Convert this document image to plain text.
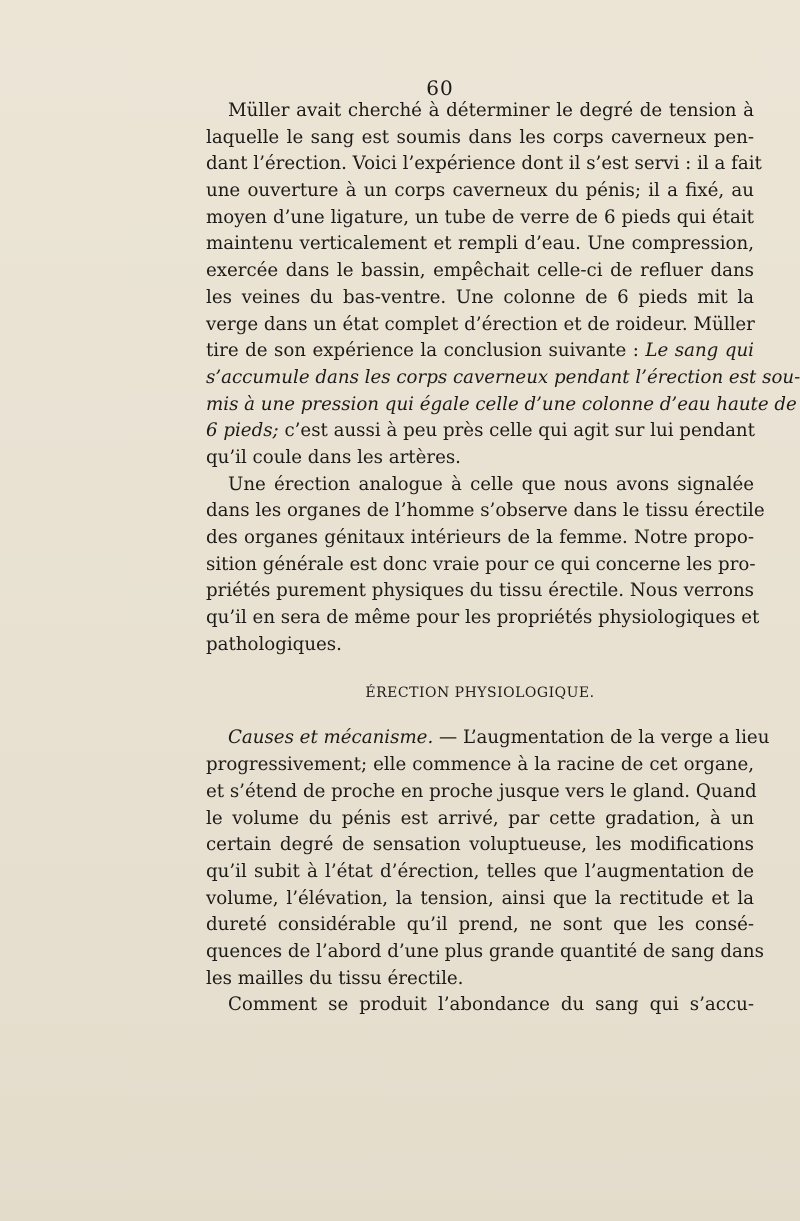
60
Müller avait cherché à déterminer le degré de tension à
laquelle le sang est soumis dans les corps caverneux pen-
dant l’érection. Voici l’expérience dont il s’est servi : il a fait
une ouverture à un corps caverneux du pénis; il a fixé, au
moyen d’une ligature, un tube de verre de 6 pieds qui était
maintenu verticalement et rempli d’eau. Une compression,
exercée dans le bassin, empêchait celle-ci de refluer dans
les veines du bas-ventre. Une colonne de 6 pieds mit la
verge dans un état complet d’érection et de roideur. Müller
tire de son expérience la conclusion suivante : Le sang qui
s’accumule dans les corps caverneux pendant l’érection est sou-
mis à une pression qui égale celle d’une colonne d’eau haute de
6 pieds; c’est aussi à peu près celle qui agit sur lui pendant
qu’il coule dans les artères.
Une érection analogue à celle que nous avons signalée
dans les organes de l’homme s’observe dans le tissu érectile
des organes génitaux intérieurs de la femme. Notre propo-
sition générale est donc vraie pour ce qui concerne les pro-
priétés purement physiques du tissu érectile. Nous verrons
qu’il en sera de même pour les propriétés physiologiques et
pathologiques.
ÉRECTION PHYSIOLOGIQUE.
Causes et mécanisme. — L’augmentation de la verge a lieu
progressivement; elle commence à la racine de cet organe,
et s’étend de proche en proche jusque vers le gland. Quand
le volume du pénis est arrivé, par cette gradation, à un
certain degré de sensation voluptueuse, les modifications
qu’il subit à l’état d’érection, telles que l’augmentation de
volume, l’élévation, la tension, ainsi que la rectitude et la
dureté considérable qu’il prend, ne sont que les consé-
quences de l’abord d’une plus grande quantité de sang dans
les mailles du tissu érectile.
Comment se produit l’abondance du sang qui s’accu-
